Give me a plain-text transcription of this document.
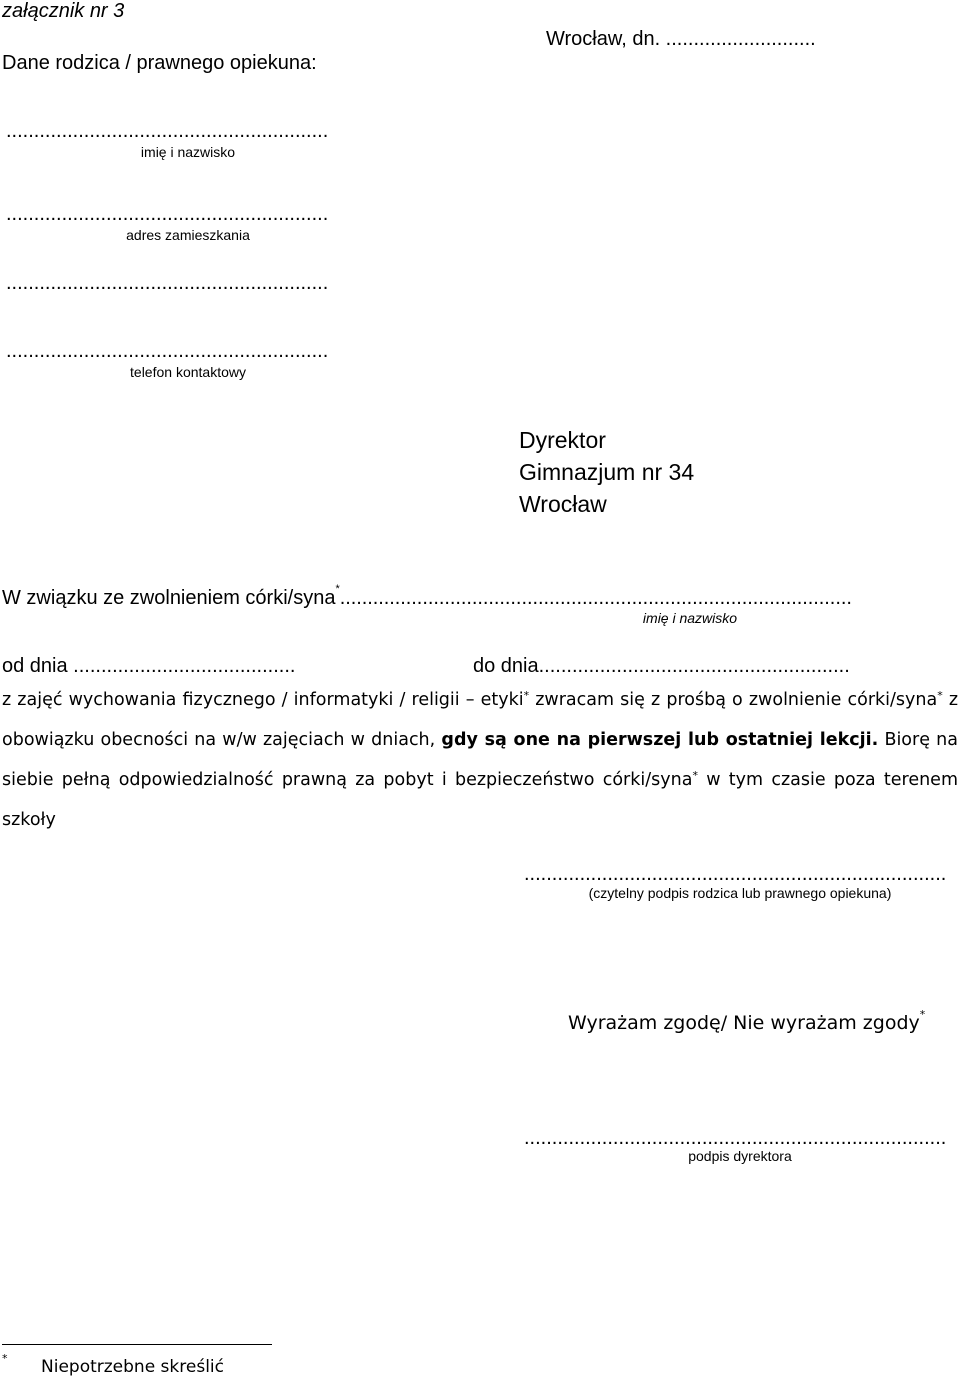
załącznik nr 3
Dane rodzica / prawnego opiekuna:
Wrocław, dn. ...........................
..........................................................
imię i nazwisko
..........................................................
adres zamieszkania
..........................................................
..........................................................
telefon kontaktowy
Dyrektor
Gimnazjum nr 34
Wrocław
W związku ze zwolnieniem córki/syna*.............................................................................................
imię i nazwisko
od dnia ........................................	do dnia........................................................
z zajęć wychowania fizycznego / informatyki / religii – etyki* zwracam się z prośbą o zwolnienie córki/syna* z obowiązku obecności na w/w zajęciach w dniach, gdy są one na pierwszej lub ostatniej lekcji. Biorę na siebie pełną odpowiedzialność prawną za pobyt i bezpieczeństwo córki/syna* w tym czasie poza terenem szkoły
............................................................................
(czytelny podpis rodzica lub prawnego opiekuna)
Wyrażam zgodę/ Nie wyrażam zgody*
............................................................................
podpis dyrektora
* Niepotrzebne skreślić
